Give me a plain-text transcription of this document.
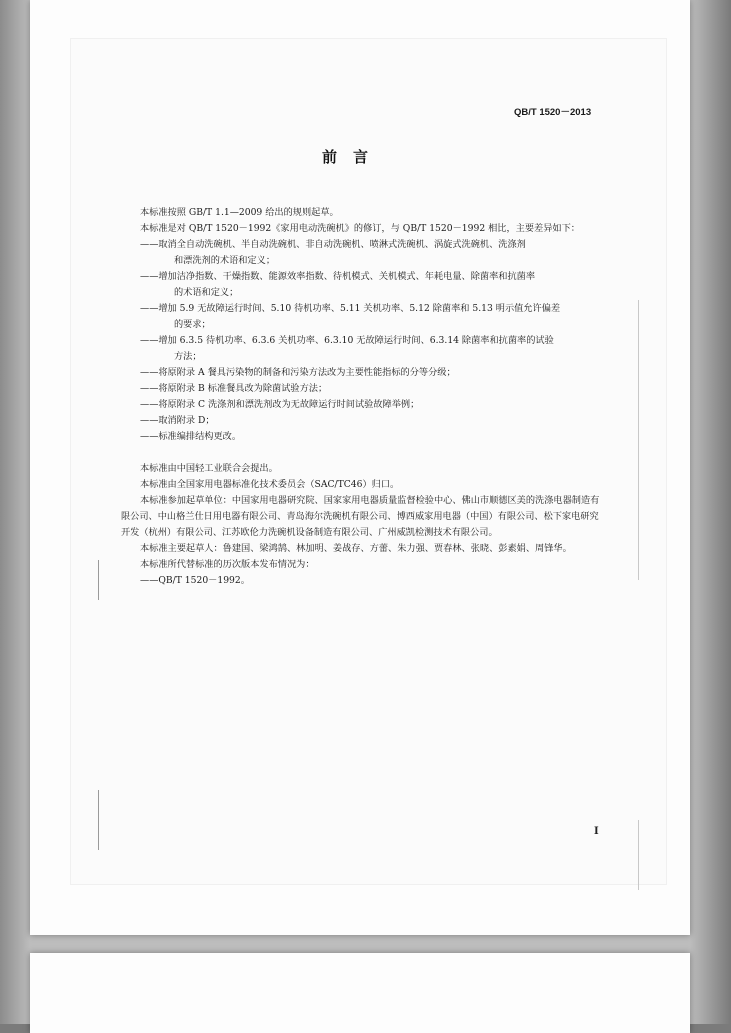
QB/T 1520－2013
前言

本标准按照 GB/T 1.1—2009 给出的规则起草。

本标准是对 QB/T 1520－1992《家用电动洗碗机》的修订，与 QB/T 1520－1992 相比，主要差异如下：

——取消全自动洗碗机、半自动洗碗机、非自动洗碗机、喷淋式洗碗机、涡旋式洗碗机、洗涤剂
和漂洗剂的术语和定义；

——增加洁净指数、干燥指数、能源效率指数、待机模式、关机模式、年耗电量、除菌率和抗菌率
的术语和定义；

——增加 5.9 无故障运行时间、5.10 待机功率、5.11 关机功率、5.12 除菌率和 5.13 明示值允许偏差
的要求；

——增加 6.3.5 待机功率、6.3.6 关机功率、6.3.10 无故障运行时间、6.3.14 除菌率和抗菌率的试验
方法；

——将原附录 A 餐具污染物的制备和污染方法改为主要性能指标的分等分级；

——将原附录 B 标准餐具改为除菌试验方法；

——将原附录 C 洗涤剂和漂洗剂改为无故障运行时间试验故障举例；

——取消附录 D；

——标准编排结构更改。

本标准由中国轻工业联合会提出。

本标准由全国家用电器标准化技术委员会（SAC/TC46）归口。

本标准参加起草单位：中国家用电器研究院、国家家用电器质量监督检验中心、佛山市顺德区美的洗涤电器制造有限公司、中山格兰仕日用电器有限公司、青岛海尔洗碗机有限公司、博西威家用电器（中国）有限公司、松下家电研究开发（杭州）有限公司、江苏欧伦力洗碗机设备制造有限公司、广州威凯检测技术有限公司。

本标准主要起草人：鲁建国、梁鸿鹄、林加明、姜战存、方蕾、朱力强、贾春林、张晓、彭素娟、周锋华。

本标准所代替标准的历次版本发布情况为：

——QB/T 1520－1992。

I
